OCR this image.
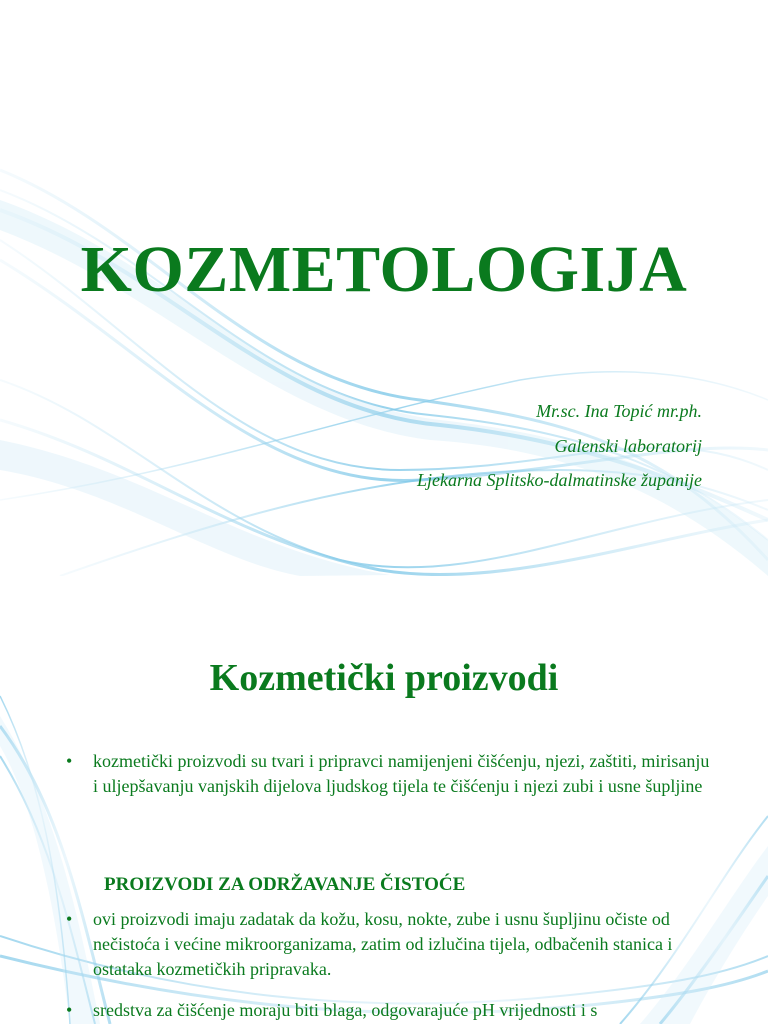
KOZMETOLOGIJA

Mr.sc. Ina Topić mr.ph.

Galenski laboratorij

Ljekarna Splitsko-dalmatinske županije

Kozmetički proizvodi
• kozmetički proizvodi su tvari i pripravci namijenjeni čišćenju, njezi, zaštiti, mirisanju i uljepšavanju vanjskih dijelova ljudskog tijela te čišćenju i njezi zubi i usne šupljine

PROIZVODI ZA ODRŽAVANJE ČISTOĆE

• ovi proizvodi imaju zadatak da kožu, kosu, nokte, zube i usnu šupljinu očiste od nečistoća i većine mikroorganizama, zatim od izlučina tijela, odbačenih stanica i ostataka kozmetičkih pripravaka.
• sredstva za čišćenje moraju biti blaga, odgovarajuće pH vrijednosti i s
